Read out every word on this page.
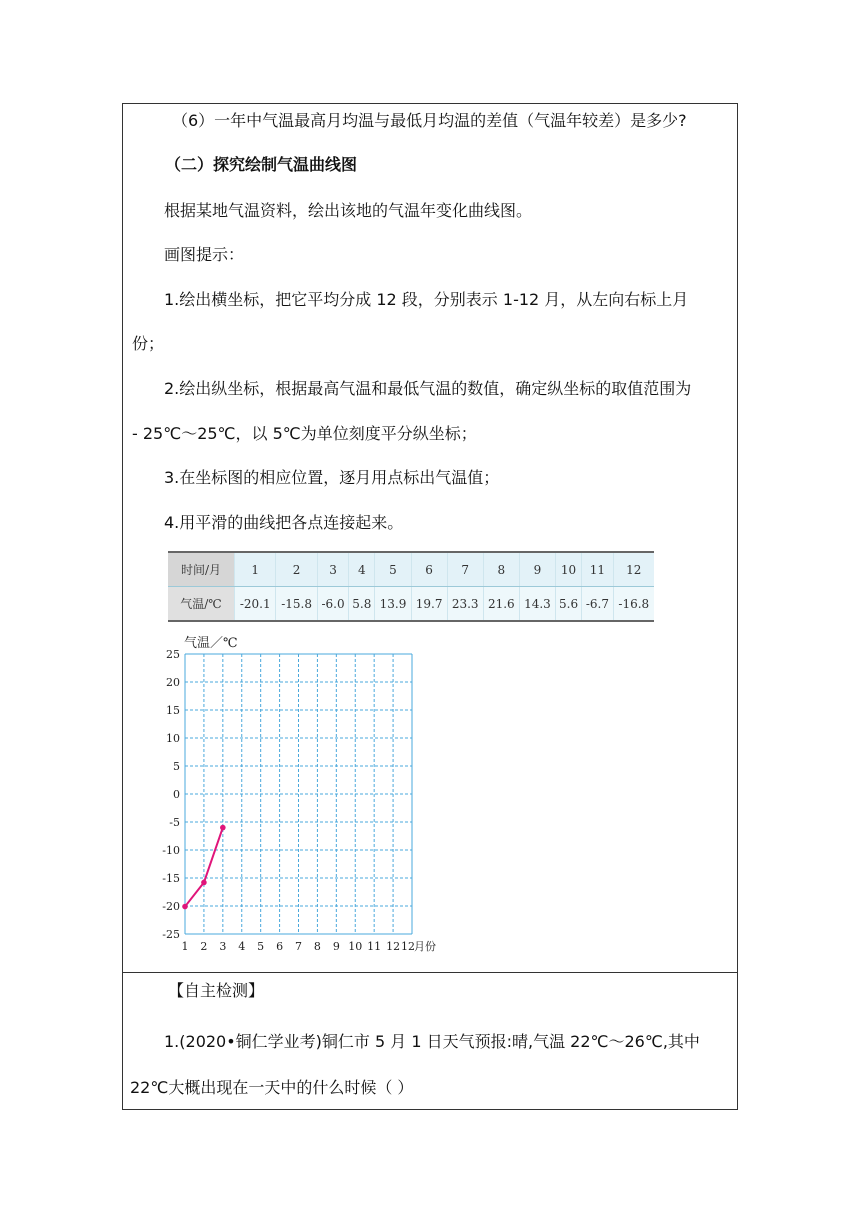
（6）一年中气温最高月均温与最低月均温的差值（气温年较差）是多少?
（二）探究绘制气温曲线图
根据某地气温资料，绘出该地的气温年变化曲线图。
画图提示：
1.绘出横坐标，把它平均分成 12 段，分别表示 1-12 月，从左向右标上月
份；
2.绘出纵坐标，根据最高气温和最低气温的数值，确定纵坐标的取值范围为
- 25℃～25℃，以 5℃为单位刻度平分纵坐标；
3.在坐标图的相应位置，逐月用点标出气温值；
4.用平滑的曲线把各点连接起来。
时间/月	1	2	3	4	5	6	7	8	9	10	11	12
气温/℃	-20.1	-15.8	-6.0	5.8	13.9	19.7	23.3	21.6	14.3	5.6	-6.7	-16.8
气温／℃
25
20
15
10
5
0
-5
-10
-15
-20
-25
1 2 3 4 5 6 7 8 9 10 11 12 12 月份
【自主检测】
1.(2020•铜仁学业考)铜仁市 5 月 1 日天气预报:晴,气温 22℃～26℃,其中
22℃大概出现在一天中的什么时候（ ）
